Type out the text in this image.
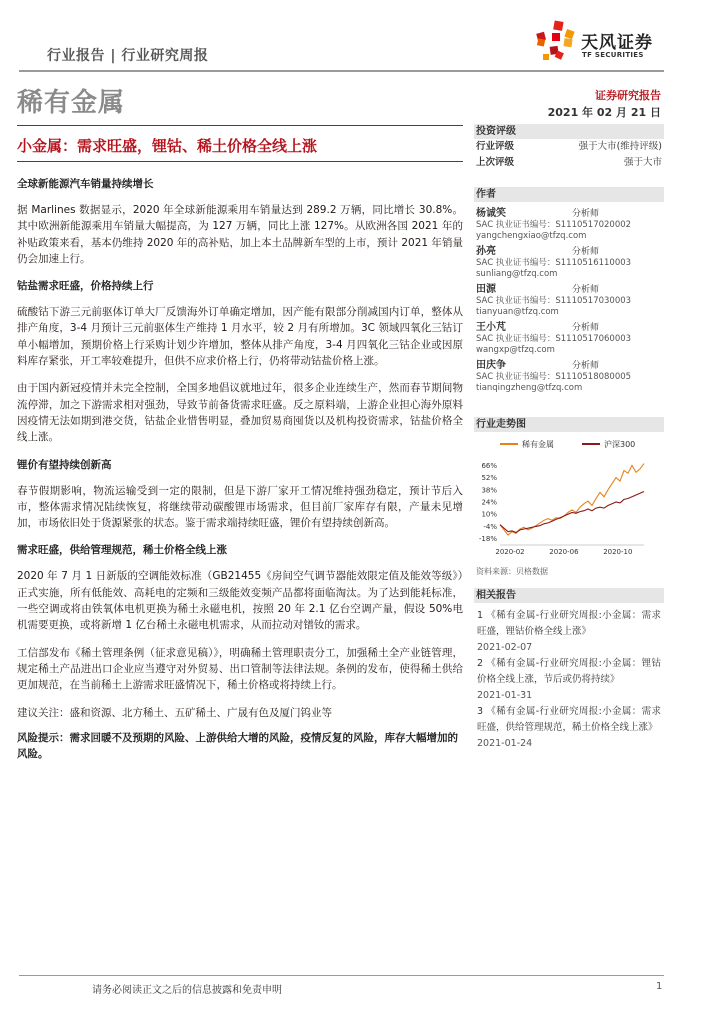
行业报告 | 行业研究周报
天风证券
TF SECURITIES
稀有金属	证券研究报告
2021 年 02 月 21 日
小金属：需求旺盛，锂钴、稀土价格全线上涨
全球新能源汽车销量持续增长
据 Marlines 数据显示，2020 年全球新能源乘用车销量达到 289.2 万辆，同比增长 30.8%。其中欧洲新能源乘用车销量大幅提高，为 127 万辆，同比上涨 127%。从欧洲各国 2021 年的补贴政策来看，基本仍维持 2020 年的高补贴，加上本土品牌新车型的上市，预计 2021 年销量仍会加速上行。
钴盐需求旺盛，价格持续上行
硫酸钴下游三元前驱体订单大厂反馈海外订单确定增加，因产能有限部分削减国内订单，整体从排产角度，3-4 月预计三元前驱体生产维持 1 月水平，较 2 月有所增加。3C 领域四氧化三钴订单小幅增加，预期价格上行采购计划少许增加，整体从排产角度，3-4 月四氧化三钴企业或因原料库存紧张，开工率较难提升，但供不应求价格上行，仍将带动钴盐价格上涨。
由于国内新冠疫情并未完全控制，全国多地倡议就地过年，很多企业连续生产，然而春节期间物流停滞，加之下游需求相对强劲，导致节前备货需求旺盛。反之原料端，上游企业担心海外原料因疫情无法如期到港交货，钴盐企业惜售明显，叠加贸易商囤货以及机构投资需求，钴盐价格全线上涨。
锂价有望持续创新高
春节假期影响，物流运输受到一定的限制，但是下游厂家开工情况维持强劲稳定，预计节后入市，整体需求情况陆续恢复，将继续带动碳酸锂市场需求，但目前厂家库存有限，产量未见增加，市场依旧处于货源紧张的状态。鉴于需求端持续旺盛，锂价有望持续创新高。
需求旺盛，供给管理规范，稀土价格全线上涨
2020 年 7 月 1 日新版的空调能效标准（GB21455《房间空气调节器能效限定值及能效等级》）正式实施，所有低能效、高耗电的定频和三级能效变频产品都将面临淘汰。为了达到能耗标准，一些空调或将由铁氧体电机更换为稀土永磁电机，按照 20 年 2.1 亿台空调产量，假设 50%电机需要更换，或将新增 1 亿台稀土永磁电机需求，从而拉动对镨钕的需求。
工信部发布《稀土管理条例（征求意见稿）》，明确稀土管理职责分工，加强稀土全产业链管理，规定稀土产品进出口企业应当遵守对外贸易、出口管制等法律法规。条例的发布，使得稀土供给更加规范，在当前稀土上游需求旺盛情况下，稀土价格或将持续上行。
建议关注：盛和资源、北方稀土、五矿稀土、广晟有色及厦门钨业等
风险提示：需求回暖不及预期的风险、上游供给大增的风险，疫情反复的风险，库存大幅增加的风险。
投资评级
行业评级	强于大市(维持评级)
上次评级	强于大市
作者
杨诚笑	分析师
SAC 执业证书编号：S1110517020002
yangchengxiao@tfzq.com
孙亮	分析师
SAC 执业证书编号：S1110516110003
sunliang@tfzq.com
田源	分析师
SAC 执业证书编号：S1110517030003
tianyuan@tfzq.com
王小芃	分析师
SAC 执业证书编号：S1110517060003
wangxp@tfzq.com
田庆争	分析师
SAC 执业证书编号：S1110518080005
tianqingzheng@tfzq.com
行业走势图
稀有金属	沪深300
66%
52%
38%
24%
10%
-4%
-18%
2020-02	2020-06	2020-10
资料来源：贝格数据
相关报告
1 《稀有金属-行业研究周报:小金属：需求旺盛，锂钴价格全线上涨》
2021-02-07
2 《稀有金属-行业研究周报:小金属：锂钴价格全线上涨，节后或仍将持续》
2021-01-31
3 《稀有金属-行业研究周报:小金属：需求旺盛，供给管理规范，稀土价格全线上涨》
2021-01-24
请务必阅读正文之后的信息披露和免责申明	1
